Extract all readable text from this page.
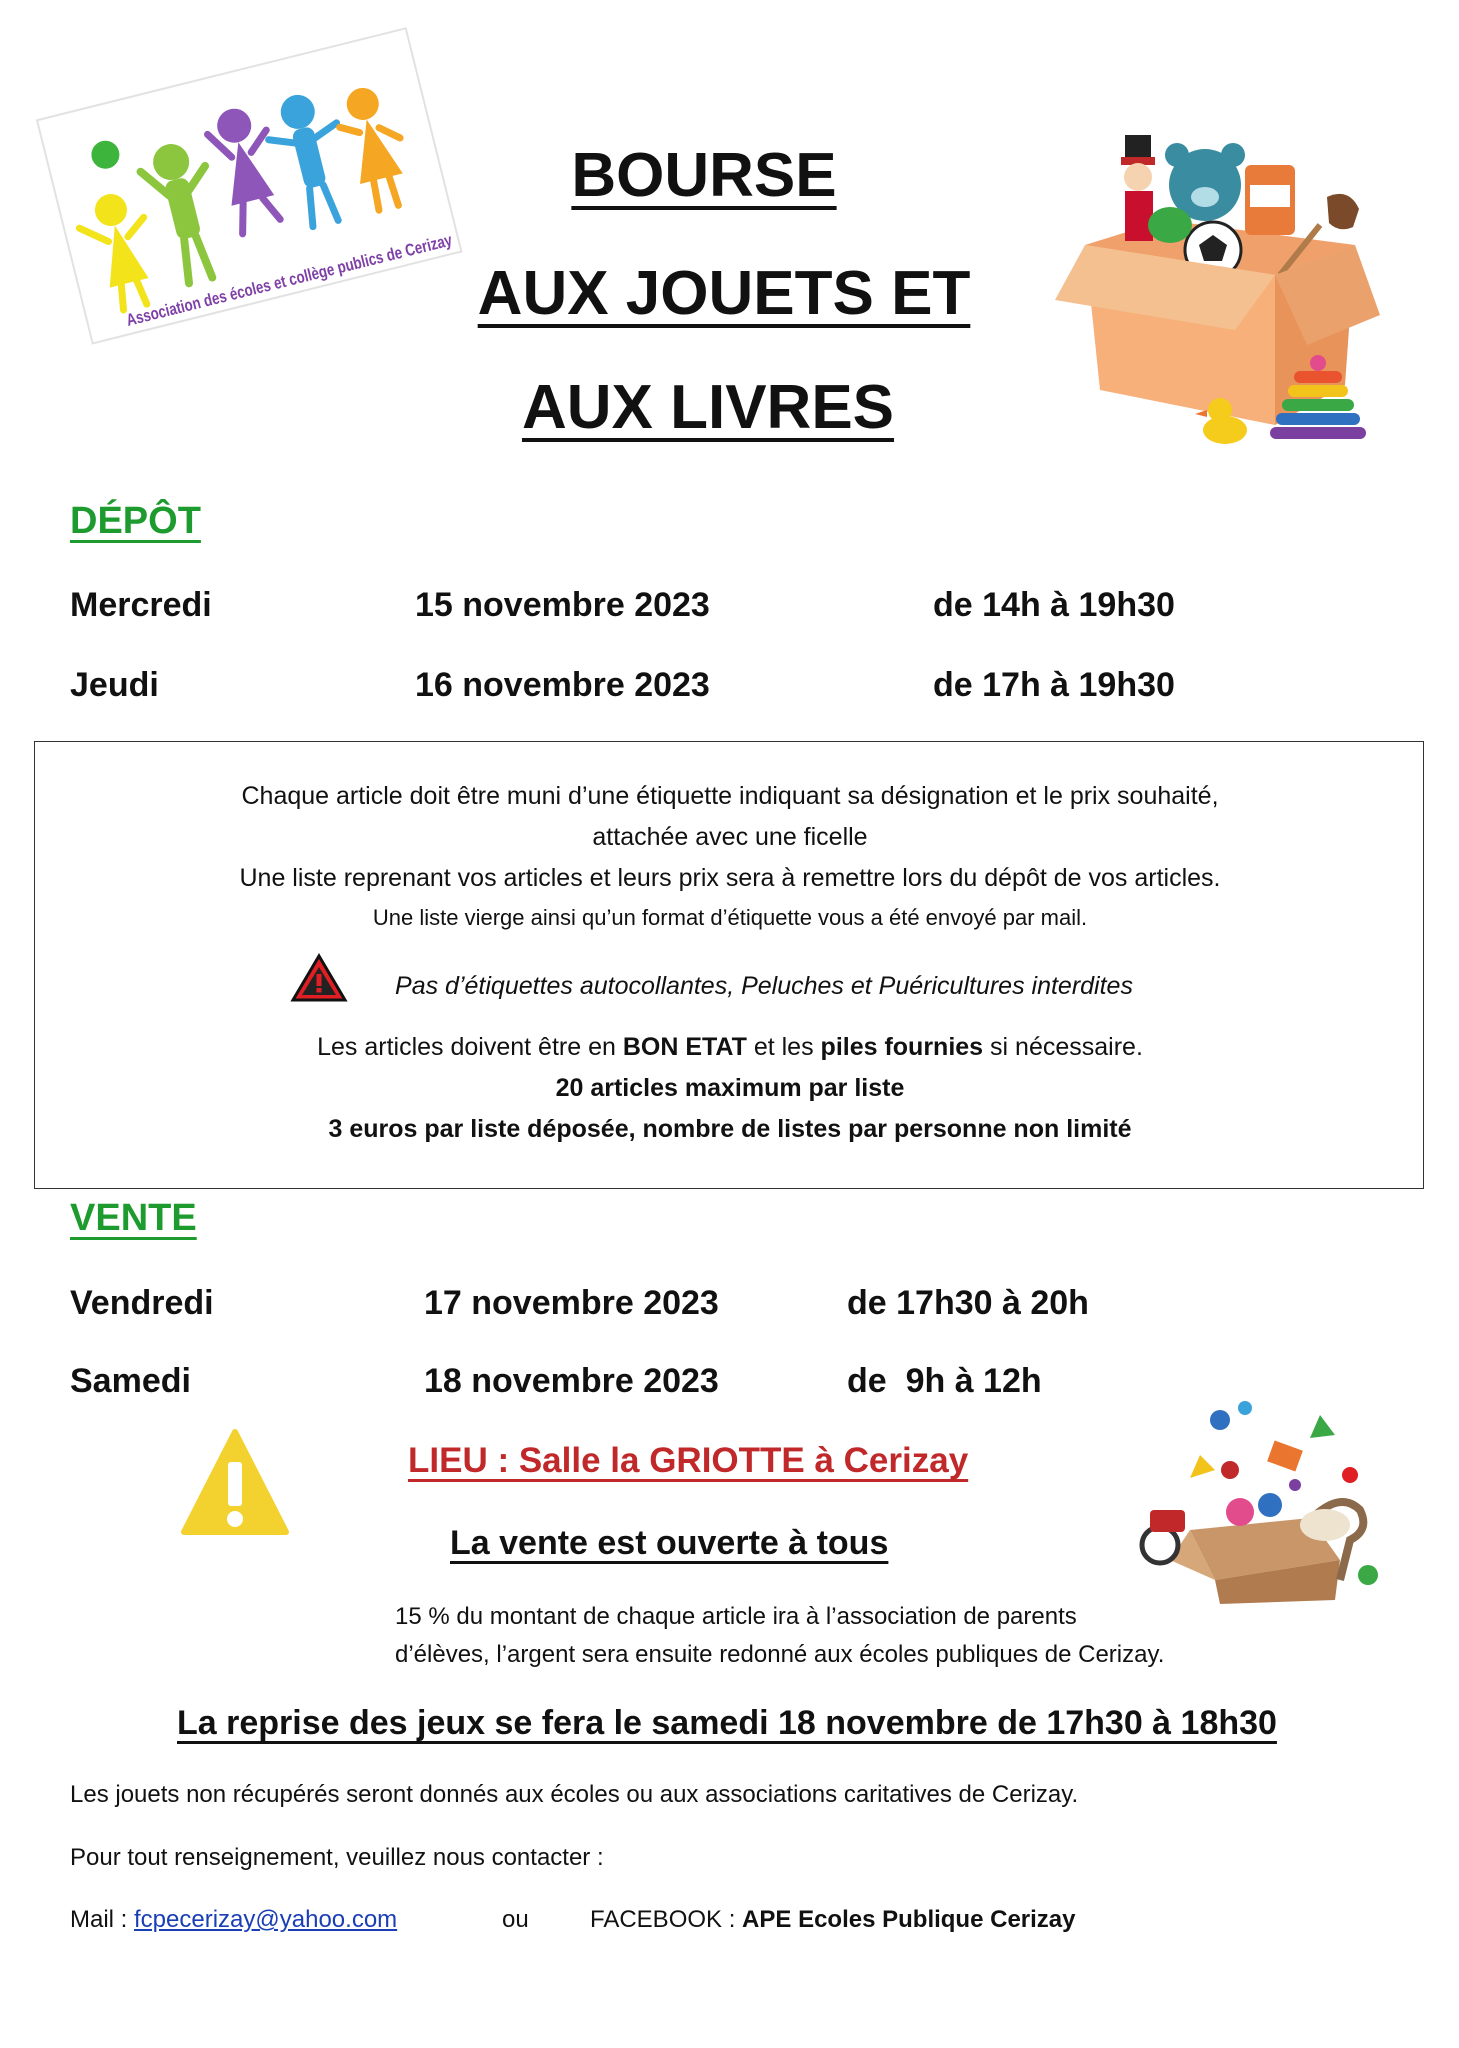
Association des écoles et collège publics de Cerizay
BOURSE
AUX JOUETS ET
AUX LIVRES
DÉPÔT
Mercredi	15 novembre 2023	de 14h à 19h30
Jeudi	16 novembre 2023	de 17h à 19h30
Chaque article doit être muni d’une étiquette indiquant sa désignation et le prix souhaité,
attachée avec une ficelle
Une liste reprenant vos articles et leurs prix sera à remettre lors du dépôt de vos articles.
Une liste vierge ainsi qu’un format d’étiquette vous a été envoyé par mail.
Pas d’étiquettes autocollantes, Peluches et Puéricultures interdites
Les articles doivent être en BON ETAT et les piles fournies si nécessaire.
20 articles maximum par liste
3 euros par liste déposée, nombre de listes par personne non limité
VENTE
Vendredi	17 novembre 2023	de 17h30 à 20h
Samedi	18 novembre 2023	de  9h à 12h
LIEU : Salle la GRIOTTE à Cerizay
La vente est ouverte à tous
15 % du montant de chaque article ira à l’association de parents
d’élèves, l’argent sera ensuite redonné aux écoles publiques de Cerizay.
La reprise des jeux se fera le samedi 18 novembre de 17h30 à 18h30
Les jouets non récupérés seront donnés aux écoles ou aux associations caritatives de Cerizay.
Pour tout renseignement, veuillez nous contacter :
Mail : fcpecerizay@yahoo.com	ou	FACEBOOK : APE Ecoles Publique Cerizay
